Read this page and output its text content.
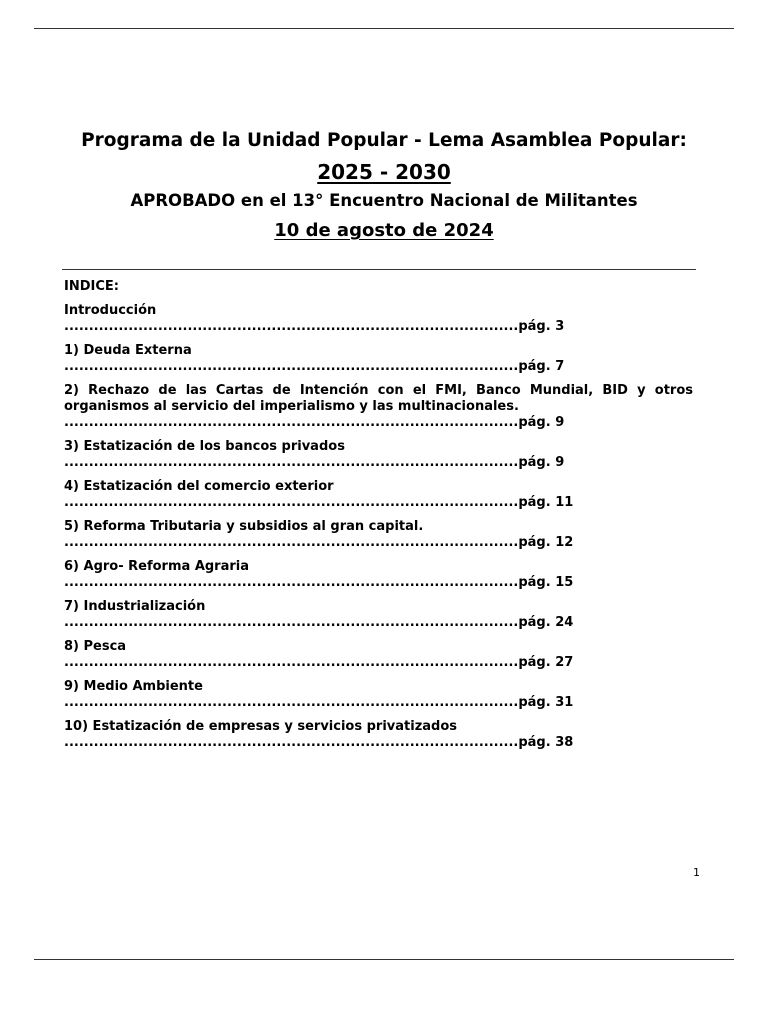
Programa de la Unidad Popular - Lema Asamblea Popular:
2025 - 2030
APROBADO en el 13° Encuentro Nacional de Militantes
10 de agosto de 2024
INDICE:
Introducción
............................................................................................pág. 3
1) Deuda Externa
............................................................................................pág. 7
2) Rechazo de las Cartas de Intención con el FMI, Banco Mundial, BID y otros organismos al servicio del imperialismo y las multinacionales.
............................................................................................pág. 9
3) Estatización de los bancos privados
............................................................................................pág. 9
4) Estatización del comercio exterior
............................................................................................pág. 11
5) Reforma Tributaria y subsidios al gran capital.
............................................................................................pág. 12
6) Agro- Reforma Agraria
............................................................................................pág. 15
7) Industrialización
............................................................................................pág. 24
8) Pesca
............................................................................................pág. 27
9) Medio Ambiente
............................................................................................pág. 31
10) Estatización de empresas y servicios privatizados
............................................................................................pág. 38
1
